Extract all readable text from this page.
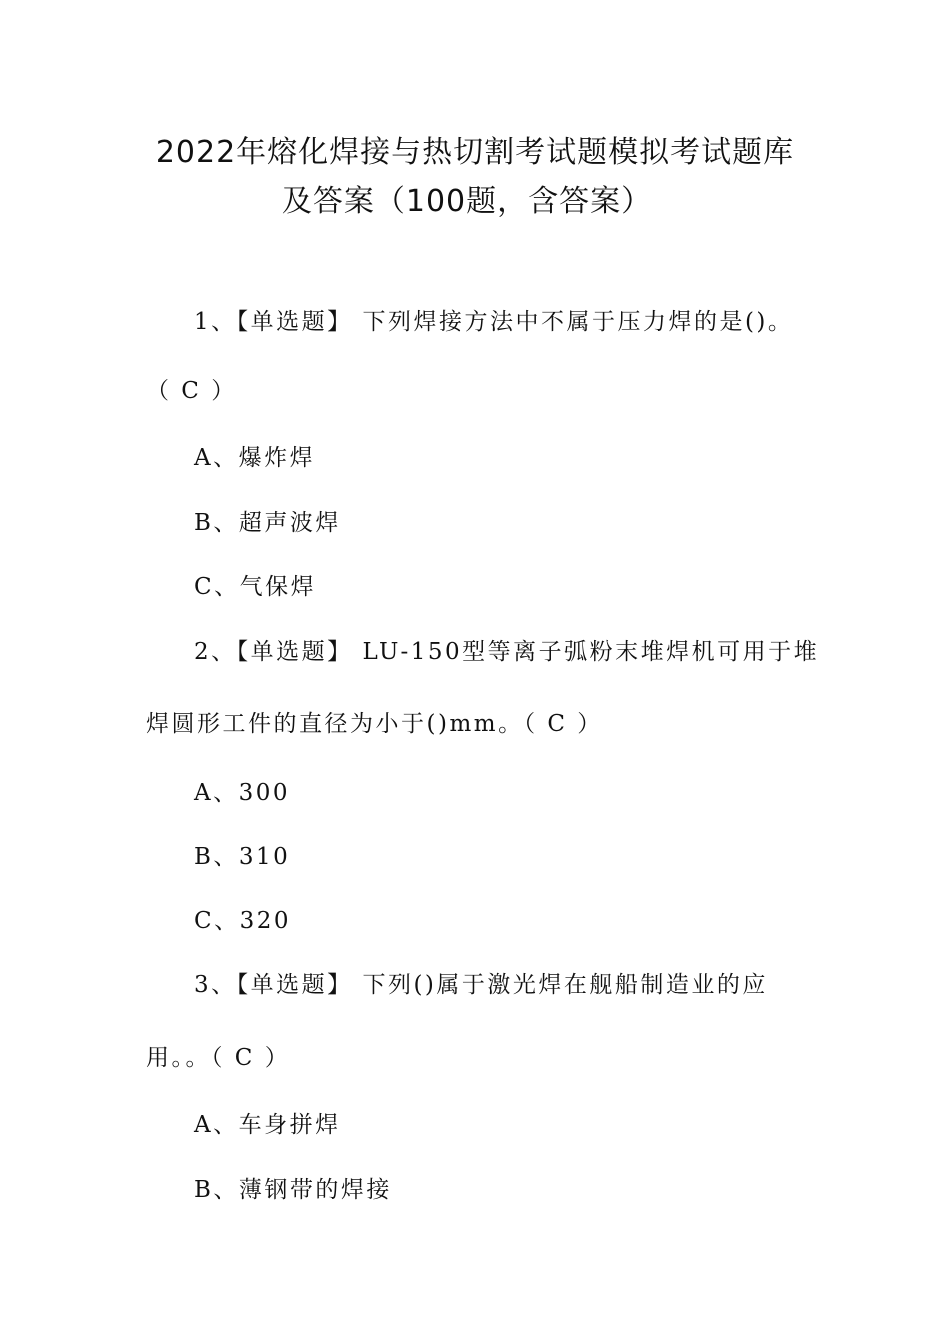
2022年熔化焊接与热切割考试题模拟考试题库
及答案（100题，含答案）
1、【单选题】 下列焊接方法中不属于压力焊的是()。
（ C ）
A、爆炸焊
B、超声波焊
C、气保焊
2、【单选题】 LU-150型等离子弧粉末堆焊机可用于堆
焊圆形工件的直径为小于()mm。（ C ）
A、300
B、310
C、320
3、【单选题】 下列()属于激光焊在舰船制造业的应
用。。（ C ）
A、车身拼焊
B、薄钢带的焊接
